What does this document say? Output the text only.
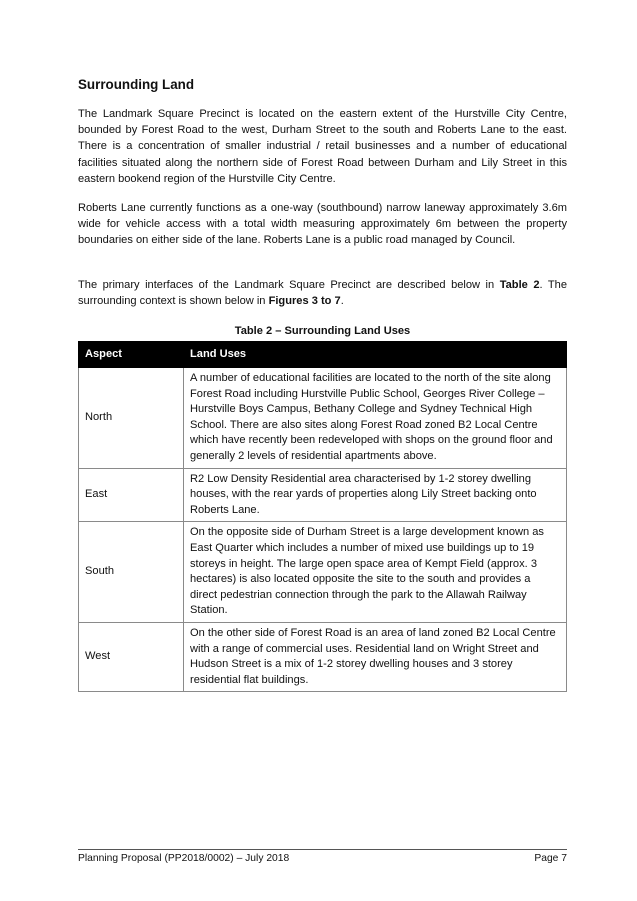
Surrounding Land

The Landmark Square Precinct is located on the eastern extent of the Hurstville City Centre, bounded by Forest Road to the west, Durham Street to the south and Roberts Lane to the east. There is a concentration of smaller industrial / retail businesses and a number of educational facilities situated along the northern side of Forest Road between Durham and Lily Street in this eastern bookend region of the Hurstville City Centre.

Roberts Lane currently functions as a one-way (southbound) narrow laneway approximately 3.6m wide for vehicle access with a total width measuring approximately 6m between the property boundaries on either side of the lane. Roberts Lane is a public road managed by Council.

The primary interfaces of the Landmark Square Precinct are described below in Table 2. The surrounding context is shown below in Figures 3 to 7.

Table 2 – Surrounding Land Uses
Aspect	Land Uses
North	A number of educational facilities are located to the north of the site along Forest Road including Hurstville Public School, Georges River College – Hurstville Boys Campus, Bethany College and Sydney Technical High School. There are also sites along Forest Road zoned B2 Local Centre which have recently been redeveloped with shops on the ground floor and generally 2 levels of residential apartments above.
East	R2 Low Density Residential area characterised by 1-2 storey dwelling houses, with the rear yards of properties along Lily Street backing onto Roberts Lane.
South	On the opposite side of Durham Street is a large development known as East Quarter which includes a number of mixed use buildings up to 19 storeys in height. The large open space area of Kempt Field (approx. 3 hectares) is also located opposite the site to the south and provides a direct pedestrian connection through the park to the Allawah Railway Station.
West	On the other side of Forest Road is an area of land zoned B2 Local Centre with a range of commercial uses. Residential land on Wright Street and Hudson Street is a mix of 1-2 storey dwelling houses and 3 storey residential flat buildings.
Planning Proposal (PP2018/0002) – July 2018	Page 7
